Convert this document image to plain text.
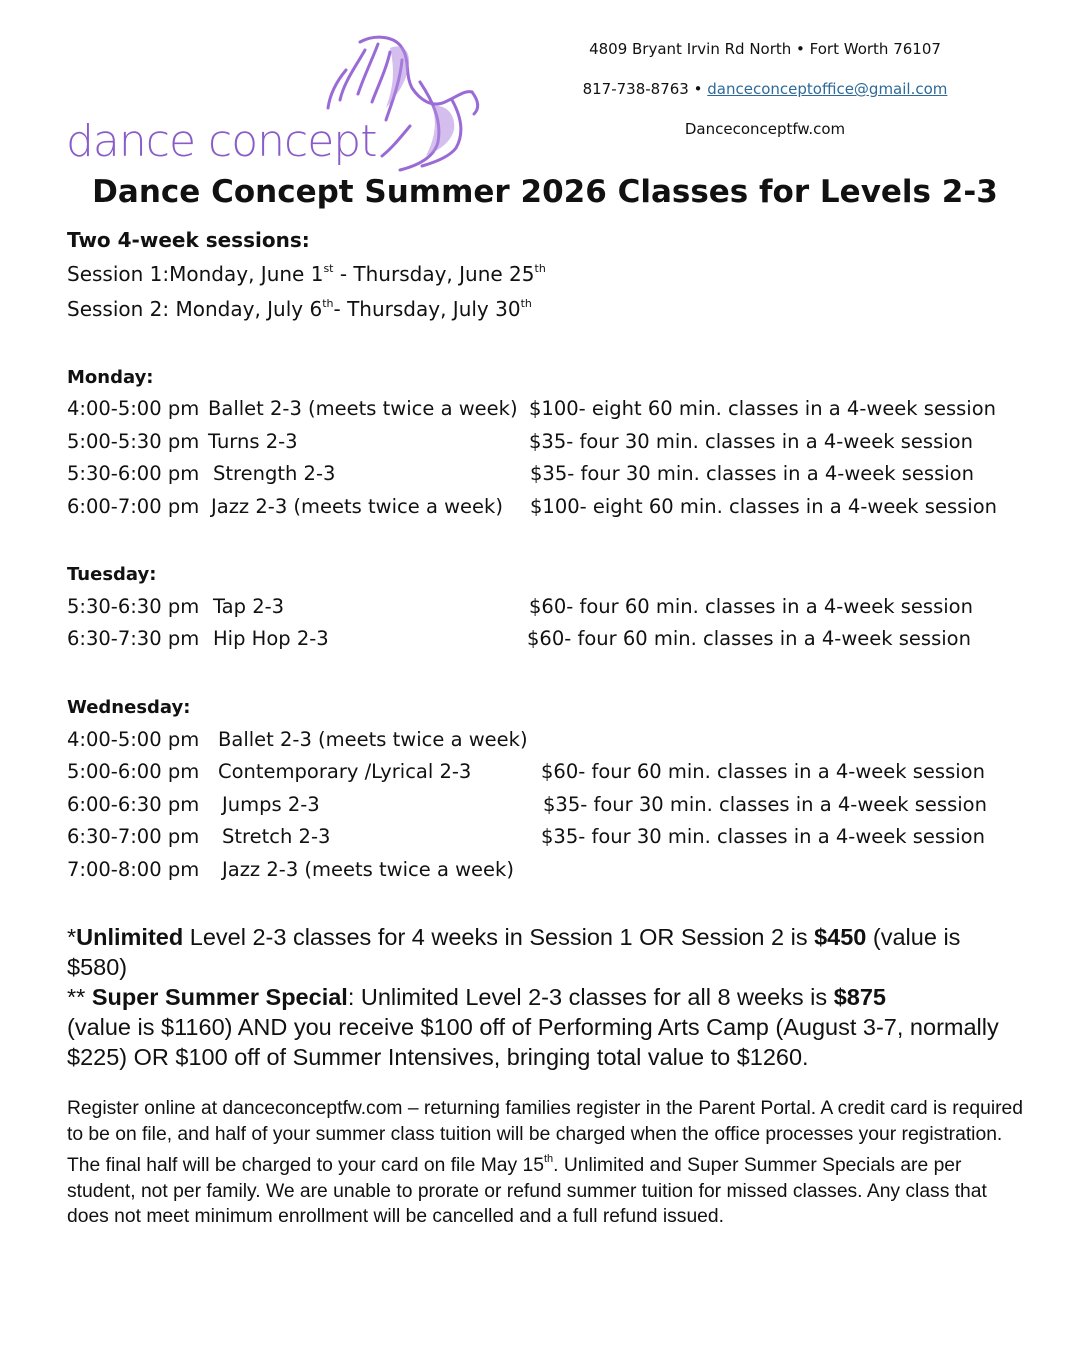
dance concept
4809 Bryant Irvin Rd North • Fort Worth 76107
817-738-8763 • danceconceptoffice@gmail.com
Danceconceptfw.com
Dance Concept Summer 2026 Classes for Levels 2-3
Two 4-week sessions:
Session 1:Monday, June 1st - Thursday, June 25th
Session 2: Monday, July 6th- Thursday, July 30th
Monday:
4:00-5:00 pm Ballet 2-3 (meets twice a week) $100- eight 60 min. classes in a 4-week session
5:00-5:30 pm Turns 2-3	$35- four 30 min. classes in a 4-week session
5:30-6:00 pm Strength 2-3	$35- four 30 min. classes in a 4-week session
6:00-7:00 pm Jazz 2-3 (meets twice a week) $100- eight 60 min. classes in a 4-week session
Tuesday:
5:30-6:30 pm Tap 2-3	$60- four 60 min. classes in a 4-week session
6:30-7:30 pm Hip Hop 2-3	$60- four 60 min. classes in a 4-week session
Wednesday:
4:00-5:00 pm Ballet 2-3 (meets twice a week)
5:00-6:00 pm Contemporary /Lyrical 2-3	$60- four 60 min. classes in a 4-week session
6:00-6:30 pm Jumps 2-3	$35- four 30 min. classes in a 4-week session
6:30-7:00 pm Stretch 2-3	$35- four 30 min. classes in a 4-week session
7:00-8:00 pm Jazz 2-3 (meets twice a week)
*Unlimited Level 2-3 classes for 4 weeks in Session 1 OR Session 2 is $450 (value is $580)
** Super Summer Special: Unlimited Level 2-3 classes for all 8 weeks is $875
(value is $1160) AND you receive $100 off of Performing Arts Camp (August 3-7, normally $225) OR $100 off of Summer Intensives, bringing total value to $1260.
Register online at danceconceptfw.com – returning families register in the Parent Portal. A credit card is required to be on file, and half of your summer class tuition will be charged when the office processes your registration. The final half will be charged to your card on file May 15th. Unlimited and Super Summer Specials are per student, not per family. We are unable to prorate or refund summer tuition for missed classes. Any class that does not meet minimum enrollment will be cancelled and a full refund issued.
